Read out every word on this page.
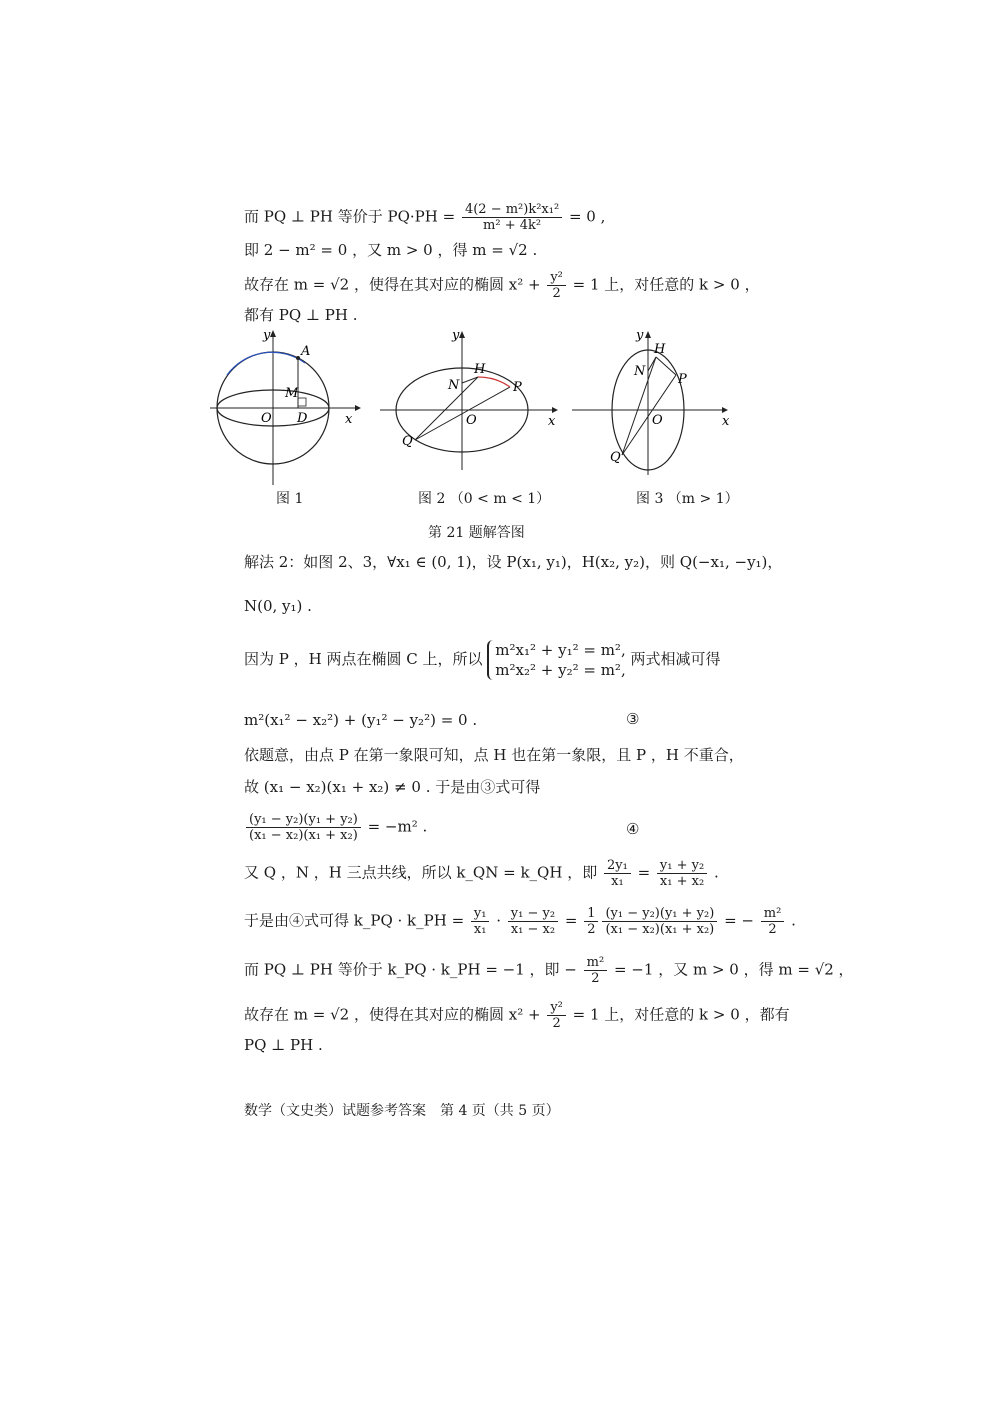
而 PQ ⊥ PH 等价于 $PQ\cdot PH = \frac{\text{4(2 − m²)k²x₁²}}{\text{m² + 4k²}} = 0$ ,
即 2 − m² = 0 ，又 m > 0 ，得 m = √2 .
故存在 m = √2 ，使得在其对应的椭圆 $x^2 + \frac{\text{y²}}{2} = 1$ 上，对任意的 k > 0 ，
都有 PQ ⊥ PH .
y
A
M
O D	x
y
H
N	P
O
Q
x
y
H
N
P
O
Q
x
图 1	图 2 （0 < m < 1）	图 3 （m > 1）
第 21 题解答图
解法 2：如图 2、3，∀x₁ ∈ (0, 1)，设 P(x₁, y₁)，H(x₂, y₂)，则 Q(−x₁, −y₁)，
N(0, y₁) .
因为 P ，H 两点在椭圆 C 上，所以 m²x₁² + y₁² = m²,
m²x₂² + y₂² = m²,
两式相减可得
m²(x₁² − x₂²) + (y₁² − y₂²) = 0 .	③
依题意，由点 P 在第一象限可知，点 H 也在第一象限，且 P ，H 不重合，
故 (x₁ − x₂)(x₁ + x₂) ≠ 0 . 于是由③式可得
$\frac{\text{(y₁ − y₂)(y₁ + y₂)}}{\text{(x₁ − x₂)(x₁ + x₂)}} = -m^2$ .	④
又 Q ，N ，H 三点共线，所以 k_QN = k_QH ，即 $\frac{\text{2y₁}}{\text{x₁}} = \frac{\text{y₁ + y₂}}{\text{x₁ + x₂}}$ .
于是由④式可得 k_PQ · k_PH = $\frac{\text{y₁}}{\text{x₁}} \cdot \frac{\text{y₁ − y₂}}{\text{x₁ − x₂}} = \frac{1}{2} \frac{\text{(y₁ − y₂)(y₁ + y₂)}}{\text{(x₁ − x₂)(x₁ + x₂)}}$ = − $\frac{\text{m²}}{2}$ .
而 PQ ⊥ PH 等价于 k_PQ · k_PH = −1 ，即 − $\frac{\text{m²}}{2} = -1$ ，又 m > 0 ，得 m = √2 ，
故存在 m = √2 ，使得在其对应的椭圆 $x^2 + \frac{\text{y²}}{2} = 1$ 上，对任意的 k > 0 ，都有
PQ ⊥ PH .
数学（文史类）试题参考答案　第 4 页（共 5 页）
